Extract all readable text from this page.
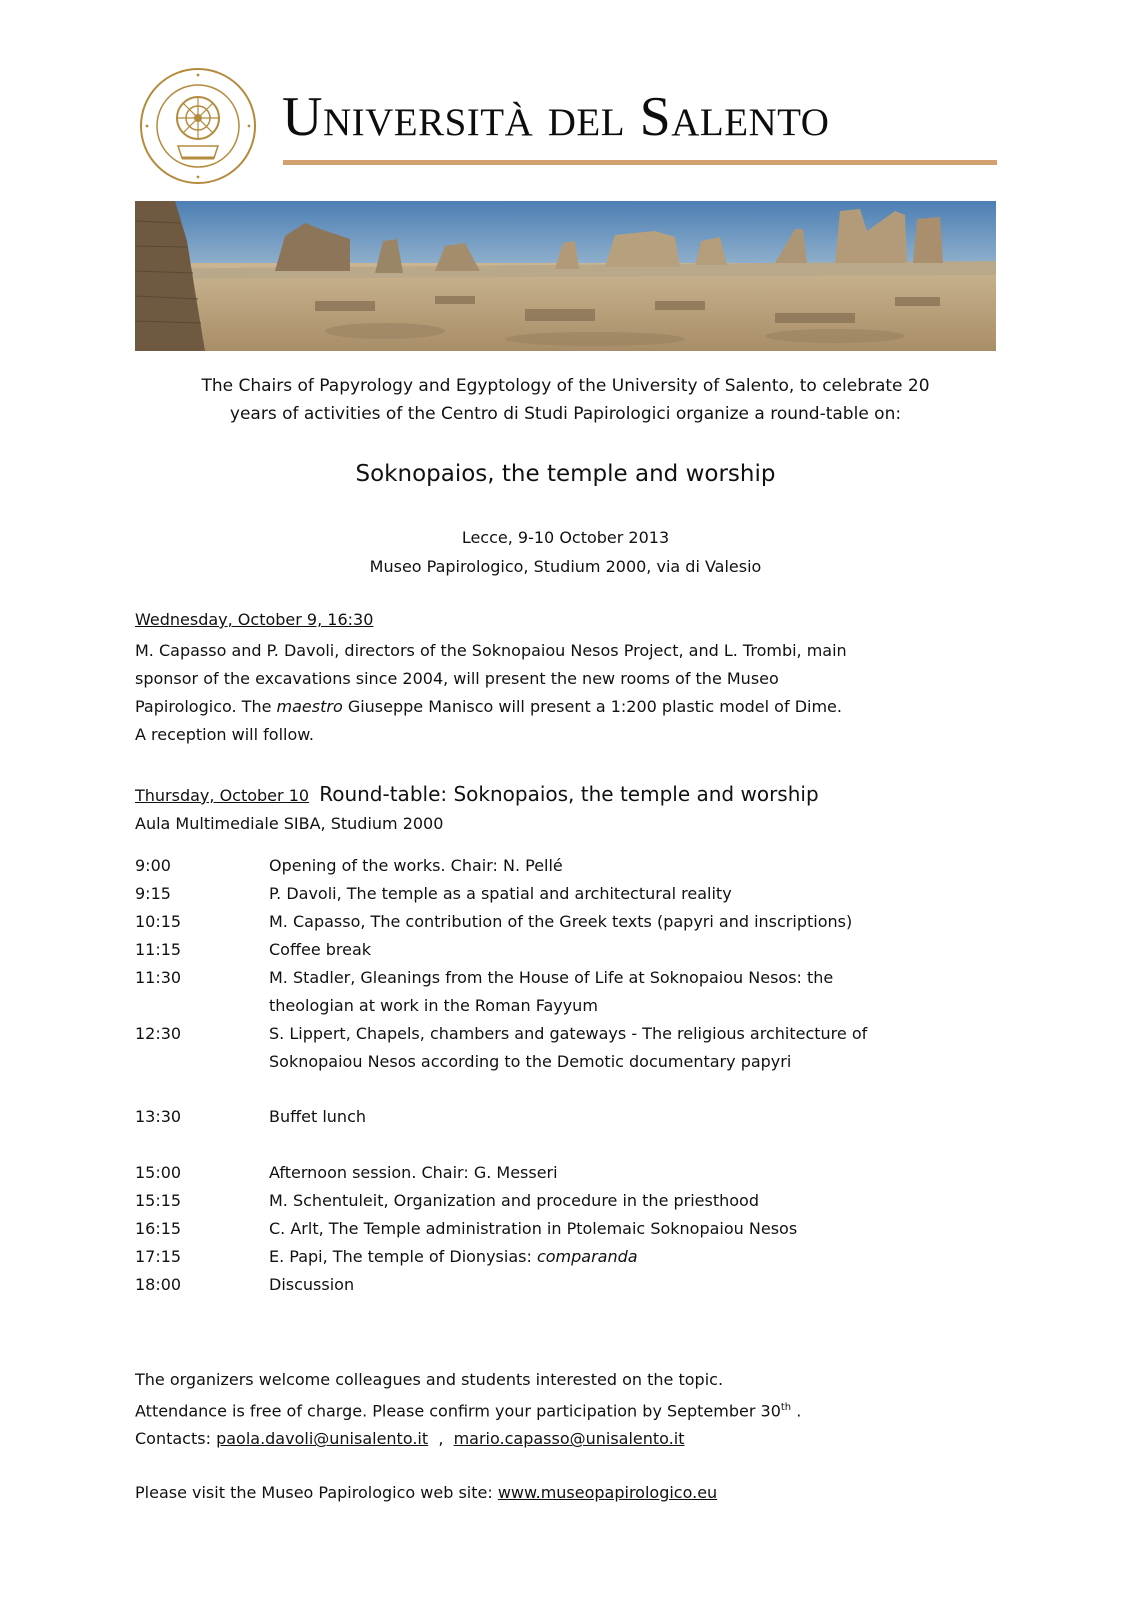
Università del Salento
The Chairs of Papyrology and Egyptology of the University of Salento, to celebrate 20
years of activities of the Centro di Studi Papirologici organize a round-table on:
Soknopaios, the temple and worship
Lecce, 9-10 October 2013
Museo Papirologico, Studium 2000, via di Valesio
Wednesday, October 9, 16:30
M. Capasso and P. Davoli, directors of the Soknopaiou Nesos Project, and L. Trombi, main
sponsor of the excavations since 2004, will present the new rooms of the Museo
Papirologico. The maestro Giuseppe Manisco will present a 1:200 plastic model of Dime.
A reception will follow.
Thursday, October 10 Round-table: Soknopaios, the temple and worship
Aula Multimediale SIBA, Studium 2000
9:00	Opening of the works. Chair: N. Pellé
9:15	P. Davoli, The temple as a spatial and architectural reality
10:15	M. Capasso, The contribution of the Greek texts (papyri and inscriptions)
11:15	Coffee break
11:30	M. Stadler, Gleanings from the House of Life at Soknopaiou Nesos: the
theologian at work in the Roman Fayyum
12:30	S. Lippert, Chapels, chambers and gateways - The religious architecture of
Soknopaiou Nesos according to the Demotic documentary papyri
13:30	Buffet lunch
15:00	Afternoon session. Chair: G. Messeri
15:15	M. Schentuleit, Organization and procedure in the priesthood
16:15	C. Arlt, The Temple administration in Ptolemaic Soknopaiou Nesos
17:15	E. Papi, The temple of Dionysias: comparanda
18:00	Discussion
The organizers welcome colleagues and students interested on the topic.
Attendance is free of charge. Please confirm your participation by September 30th .
Contacts: paola.davoli@unisalento.it  ,  mario.capasso@unisalento.it
Please visit the Museo Papirologico web site: www.museopapirologico.eu
